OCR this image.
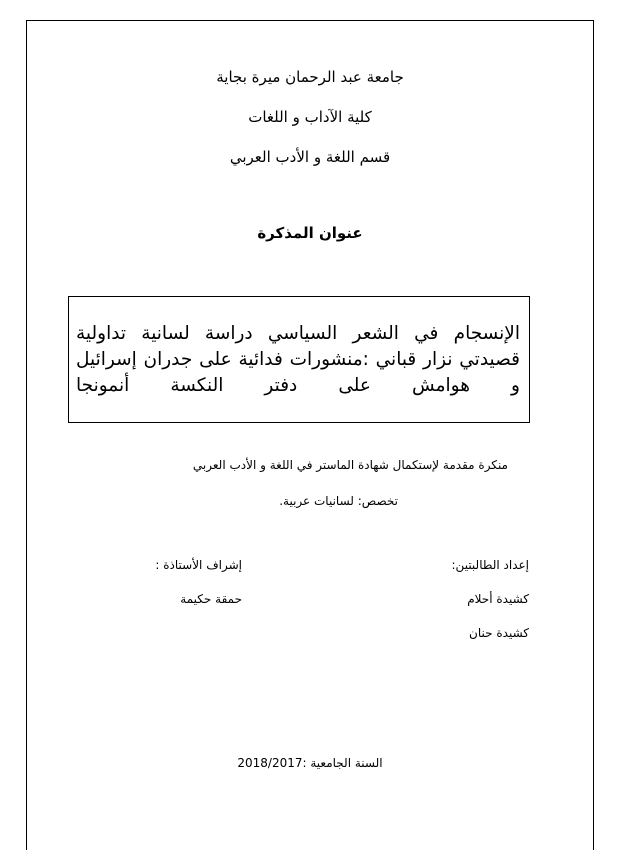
جامعة عبد الرحمان ميرة بجاية

كلية الآداب و اللغات

قسم اللغة و الأدب العربي

عنوان المذكرة

الإنسجام في الشعر السياسي دراسة لسانية تداولية قصيدتي نزار قباني :منشورات فدائية على جدران إسرائيل و هوامش على دفتر النكسة أنمونجا

منكرة مقدمة لإستكمال شهادة الماستر في اللغة و الأدب العربي

تخصص: لسانيات عربية.

إعداد الطالبتين:

إشراف الأستاذة :

كشيدة أحلام

حمقة حكيمة

كشيدة حنان

السنة الجامعية :2018/2017
